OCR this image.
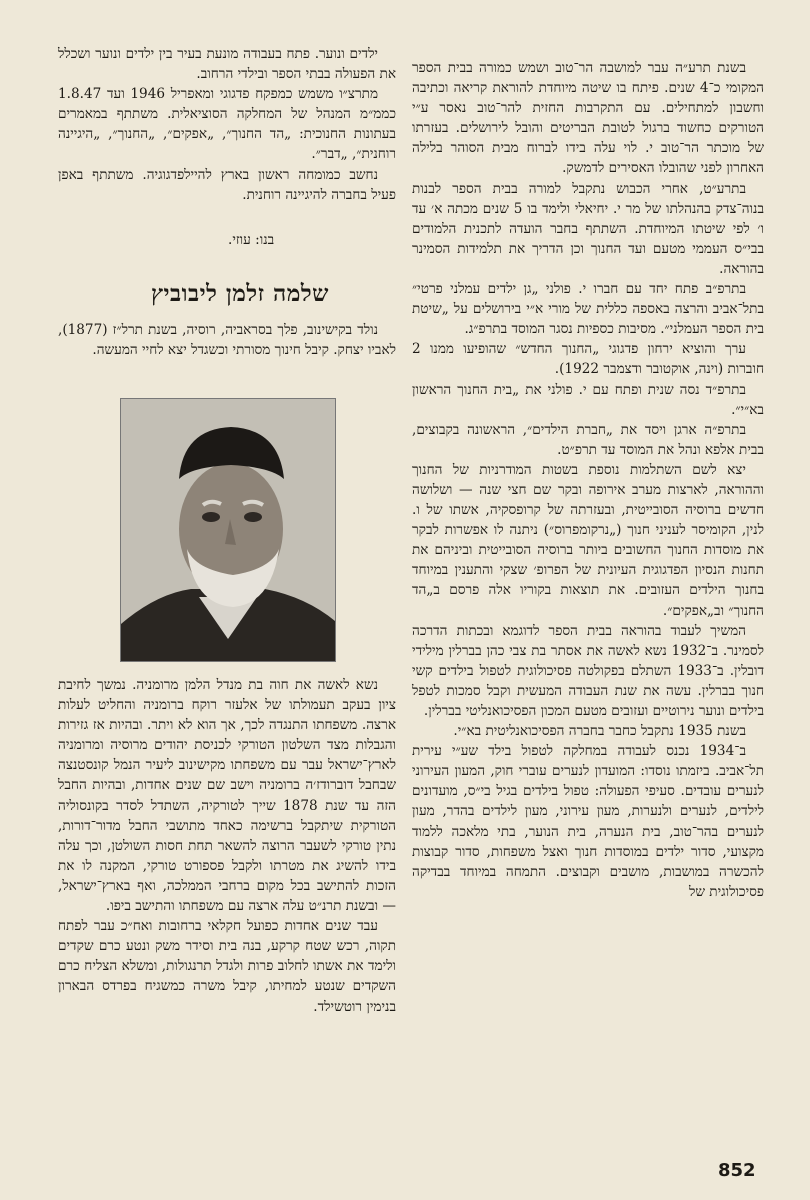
בשנת תרע״ה עבר למושבה הר־טוב ושמש כמורה בבית הספר המקומי כ־4 שנים. פיתח בו שיטה מיוחדת להוראת קריאה וכתיבה וחשבון למתחילים. עם התקרבות החזית להר־טוב נאסר ע״י הטורקים כחשוד ברגול לטובת הבריטים והובל לירושלים. בעזרתו של מוכתר הר־טוב י. לוי עלה בידו לברוח מבית הסוהר בלילה האחרון לפני שהובלו האסירים לדמשק.

בתרע״ט, אחרי הכבוש נתקבל למורה בבית הספר לבנות בנוה־צדק בהנהלתו של מר י. יחיאלי ולימד בו 5 שנים מכתה א׳ עד ו׳ לפי שיטתו המיוחדת. השתתף בחבר הועדה לתכנית הלמודים בבי״ס העממי מטעם ועד החנוך וכן הדריך את תלמידות הסמינר בהוראה.

בתרפ״ב פתח יחד עם חברו י. פולני „גן ילדים עמלני פרטי״ בתל־אביב והרצה באספה כללית של מורי א״י בירושלים על „שיטת בית הספר העמלני״. מסיבות כספיות נסגר המוסד בתרפ״ג.

ערך והוציא ירחון פדגוגי „החנוך החדש״ שהופיעו ממנו 2 חוברות (וינה, אוקטובר ודצמבר 1922).

בתרפ״ד נסה שנית ופתח עם י. פולני את „בית החנוך הראשון בא״י״.

בתרפ״ה ארגן ויסד את „חברת הילדים״, הראשונה בקבוצים, בבית אלפא ונהל את המוסד עד תרפ״ט.

יצא לשם השתלמות נוספת בשטות המודרניות של החנוך וההוראה, לארצות מערב אירופה ובקר שם חצי שנה — ושלושה חדשים ברוסיה הסובייטית, ובעזרתה של קרופסקיה, אשתו של ו. לנין, הקומיסר לעניני חנוך („נרקומפרוס״) ניתנה לו אפשרות לבקר את מוסדות החנוך החשובים ביותר ברוסיה הסובייטית וביניהם את תחנות הנסיון הפדגוגית העיונית של הפרופ׳ שצקי והתענין במיוחד בחנוך הילדים העזובים. את תוצאות בקוריו אלה פרסם ב„הד החנוך״ וב„אפקים״.

המשיך לעבוד בהוראה בבית הספר לדוגמא ובכתות הדרכה לסמינר. ב־1932 נשא לאשה את אסתר בת צבי כהן בברלין מילידי דובלין. ב־1933 השתלם בפקולטה פסיכולוגית לטפול בילדים קשי חנוך בברלין. עשה את שנת העבודה המעשית וקבל סמכות לטפל בילדים ונוער נירוטיים ועזובים מטעם המכון הפסיכואנליטי בברלין.

בשנת 1935 נתקבל כחבר בחברה הפסיכואנליטית בא״י.

ב־1934 נכנס לעבודה במחלקה לטפול בילד שע״י עירית תל־אביב. ביזמתו נוסדו: המועדון לנערים עוברי חוק, המעון העירוני לנערים עובדים. סעיפי הפעולה: טפול בילדים בגיל בי״ס, מועדונים לילדים, לנערים ולנערות, מעון עירוני, מעון לילדים בהדר, מעון לנערים בהר־טוב, בית הנערה, בית הנוער, בתי מלאכה ללמוד מקצועי, סדור ילדים במוסדות חנוך ואצל משפחות, סדור קבוצות להכשרה במושבות, מושבים וקבוצים. התמחה במיוחד בבדיקה פסיכולוגית של

ילדים ונוער. פתח בעבודה מונעת בעיר בין ילדים ונוער ושכלל את הפעולה בבתי הספר ובילדי הרחוב.

מתרצ״ו משמש כמפקח פדגוגי ומאפריל 1946 ועד 1.8.47 כממ״מ המנהל של המחלקה הסוציאלית. משתתף במאמרים בעתונות החנוכית: „הד החנוך״, „אפקים״, „החנוך״, „היגיינה רוחנית״, „דבר״.

נחשב כמומחה ראשון בארץ להיילפדגוגיה. משתתף באפן פעיל בחברה להיגיינה רוחנית.

בנו: עוזי.
שלמה זלמן ליבוביץ

נולד בקישינוב, פלך בסראביה, רוסיה, בשנת תרל״ז (1877), לאביו יצחק. קיבל חינוך מסורתי וכשגדל יצא לחיי המעשה.

נשא לאשה את חוה בת מנדל הלמן מרומניה. נמשך לחיבת ציון בעקב תעמולתו של אלעזר רוקח ברומניה והחליט לעלות ארצה. משפחתו התנגדה לכך, אך הוא לא ויתר. ובהיות אז גזירות והגבלות מצד השלטון הטורקי לכניסת יהודים מרוסיה ומרומניה לארץ־ישראל עבר עם משפחתו מקישינוב ליעיר הנמל קונסטנצה שבחבל דוברודז׳ה ברומניה וישב שם שנים אחדות, ובהיות החבל הזה עד שנת 1878 שייך לטורקיה, השתדל לסדר בקונסוליה הטורקית שיתקבל ברשימה כאחד מתושבי החבל מדור־דורות, נתין טורקי לשעבר הרוצה להשאר תחת חסות השולטן, וכך עלה בידו להשיג את מטרתו ולקבל פספורט טורקי, המקנה לו את הזכות להתישב בכל מקום ברחבי הממלכה, ואף בארץ־ישראל, — ובשנת תרנ״ט עלה ארצה עם משפחתו והתישב ביפו.

עבד שנים אחדות כפועל חקלאי ברחובות ואח״כ עבר לפתח תקוה, רכש שטח קרקע, בנה בית וסידר משק ונטע כרם שקדים ולימד את אשתו לחלוב פרות ולגדל תרנגולות, ומשלא הצליח כרם השקדים שנטע למחיתו, קיבל משרה כמשגיח בפרדס הבארון בנימין רוטשילד.

852
